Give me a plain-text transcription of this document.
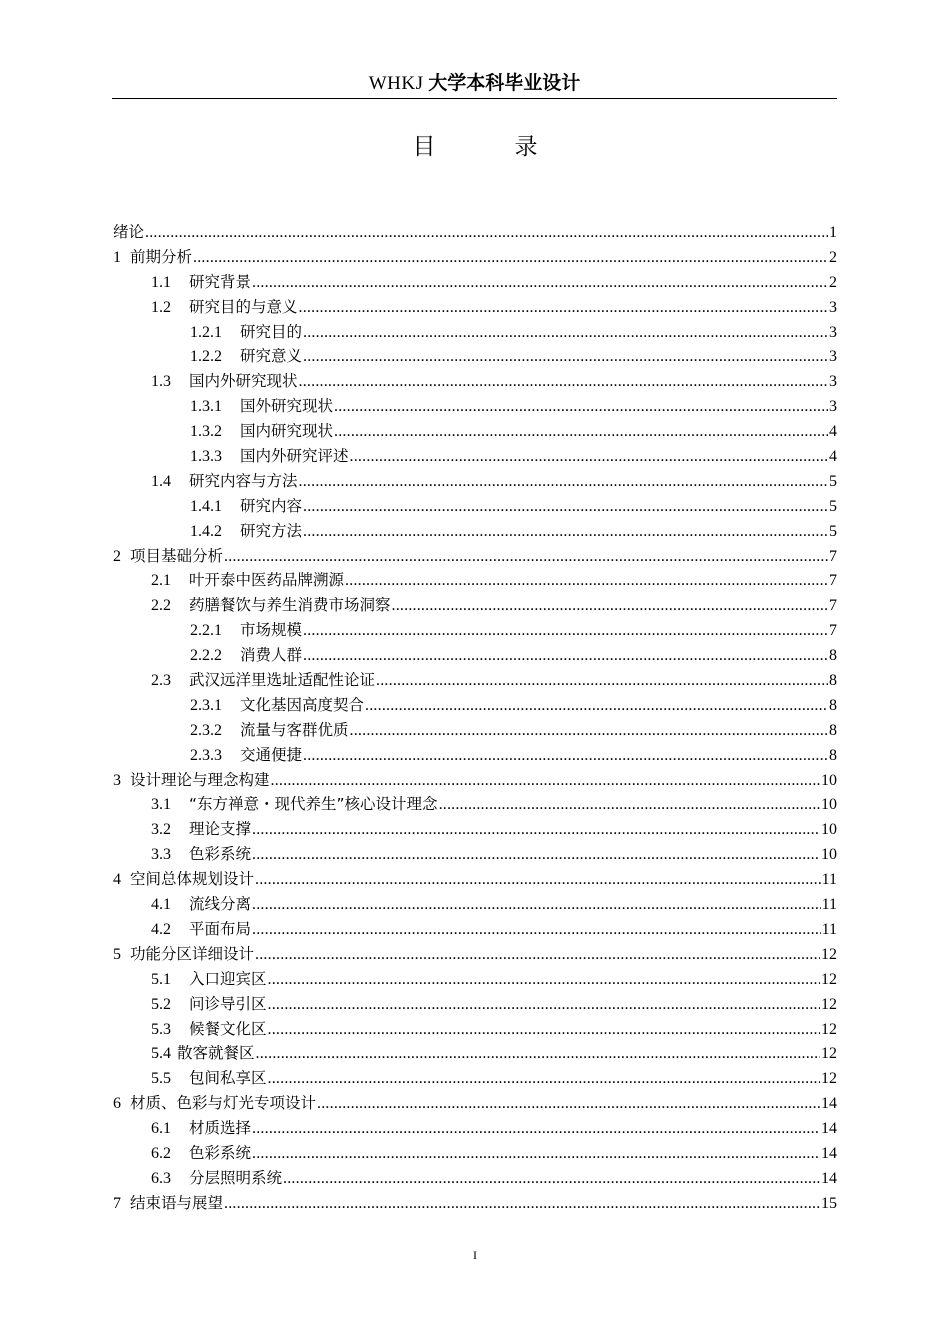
WHKJ 大学本科毕业设计
目　录
绪论 .....	1
1 前期分析 .....	2
1.1 研究背景 .....	2
1.2 研究目的与意义 .....	3
1.2.1 研究目的 .....	3
1.2.2 研究意义 .....	3
1.3 国内外研究现状 .....	3
1.3.1 国外研究现状 .....	3
1.3.2 国内研究现状 .....	4
1.3.3 国内外研究评述 .....	4
1.4 研究内容与方法 .....	5
1.4.1 研究内容 .....	5
1.4.2 研究方法 .....	5
2 项目基础分析 .....	7
2.1 叶开泰中医药品牌溯源 .....	7
2.2 药膳餐饮与养生消费市场洞察 .....	7
2.2.1 市场规模 .....	7
2.2.2 消费人群 .....	8
2.3 武汉远洋里选址适配性论证 .....	8
2.3.1 文化基因高度契合 .....	8
2.3.2 流量与客群优质 .....	8
2.3.3 交通便捷 .....	8
3 设计理论与理念构建 .....	10
3.1 “东方禅意・现代养生”核心设计理念 .....	10
3.2 理论支撑 .....	10
3.3 色彩系统 .....	10
4 空间总体规划设计 .....	11
4.1 流线分离 .....	11
4.2 平面布局 .....	11
5 功能分区详细设计 .....	12
5.1 入口迎宾区 .....	12
5.2 问诊导引区 .....	12
5.3 候餐文化区 .....	12
5.4 散客就餐区 .....	12
5.5 包间私享区 .....	12
6 材质、色彩与灯光专项设计 .....	14
6.1 材质选择 .....	14
6.2 色彩系统 .....	14
6.3 分层照明系统 .....	14
7 结束语与展望 .....	15
I
